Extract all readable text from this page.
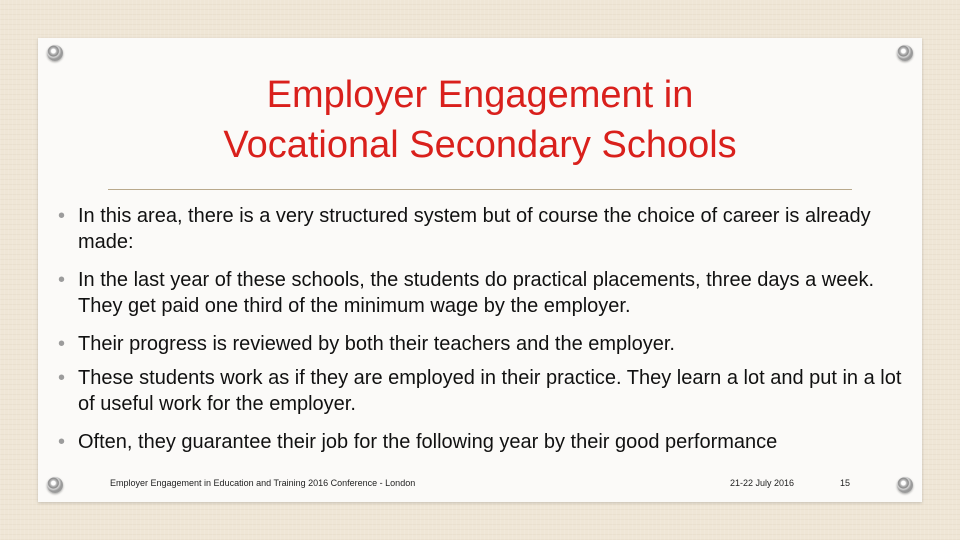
Employer Engagement in
Vocational Secondary Schools
• In this area, there is a very structured system but of course the choice of career is already made:
• In the last year of these schools, the students do practical placements, three days a week. They get paid one third of the minimum wage by the employer.
• Their progress is reviewed by both their teachers and the employer.
• These students work as if they are employed in their practice. They learn a lot and put in a lot of useful work for the employer.
• Often, they guarantee their job for the following year by their good performance
Employer Engagement in Education and Training 2016 Conference - London	21-22 July 2016	15
